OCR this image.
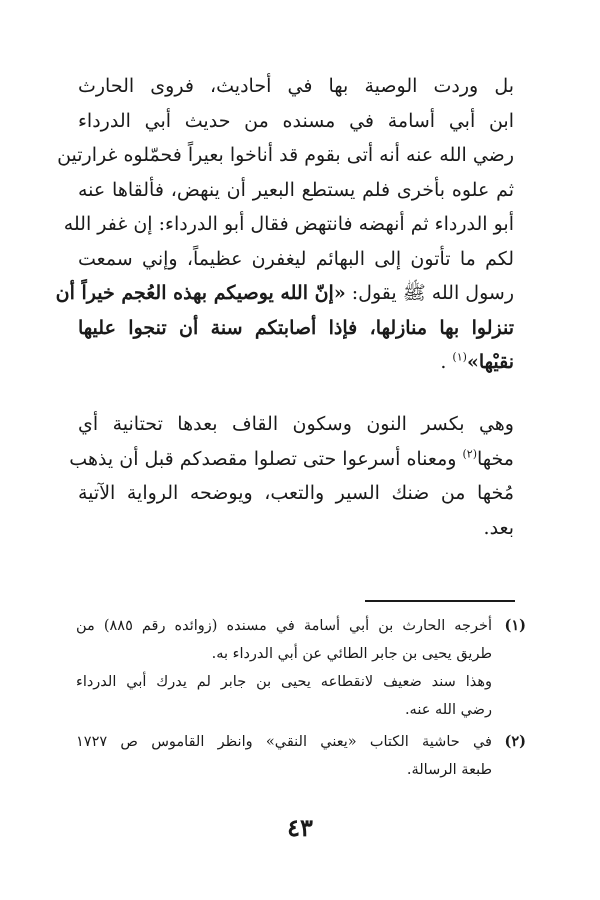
بل وردت الوصية بها في أحاديث، فروى الحارث
ابن أبي أسامة في مسنده من حديث أبي الدرداء
رضي الله عنه أنه أتى بقوم قد أناخوا بعيراً فحمّلوه غرارتين
ثم علوه بأخرى فلم يستطع البعير أن ينهض، فألقاها عنه
أبو الدرداء ثم أنهضه فانتهض فقال أبو الدرداء: إن غفر الله
لكم ما تأتون إلى البهائم ليغفرن عظيماً، وإني سمعت
رسول الله ﷺ يقول: «إنّ الله يوصيكم بهذه العُجم خيراً أن
تنزلوا بها منازلها، فإذا أصابتكم سنة أن تنجوا عليها
نقيْها»$^{(١)}$ .
وهي بكسر النون وسكون القاف بعدها تحتانية أي
مخها$^{(٢)}$ ومعناه أسرعوا حتى تصلوا مقصدكم قبل أن يذهب
مُخها من ضنك السير والتعب، ويوضحه الرواية الآتية
بعد.
(١)
أخرجه الحارث بن أبي أسامة في مسنده (زوائده رقم ٨٨٥) من
طريق يحيى بن جابر الطائي عن أبي الدرداء به.
وهذا سند ضعيف لانقطاعه يحيى بن جابر لم يدرك أبي الدرداء
رضي الله عنه.
(٢)
في حاشية الكتاب «يعني النقي» وانظر القاموس ص ١٧٢٧
طبعة الرسالة.
٤٣
